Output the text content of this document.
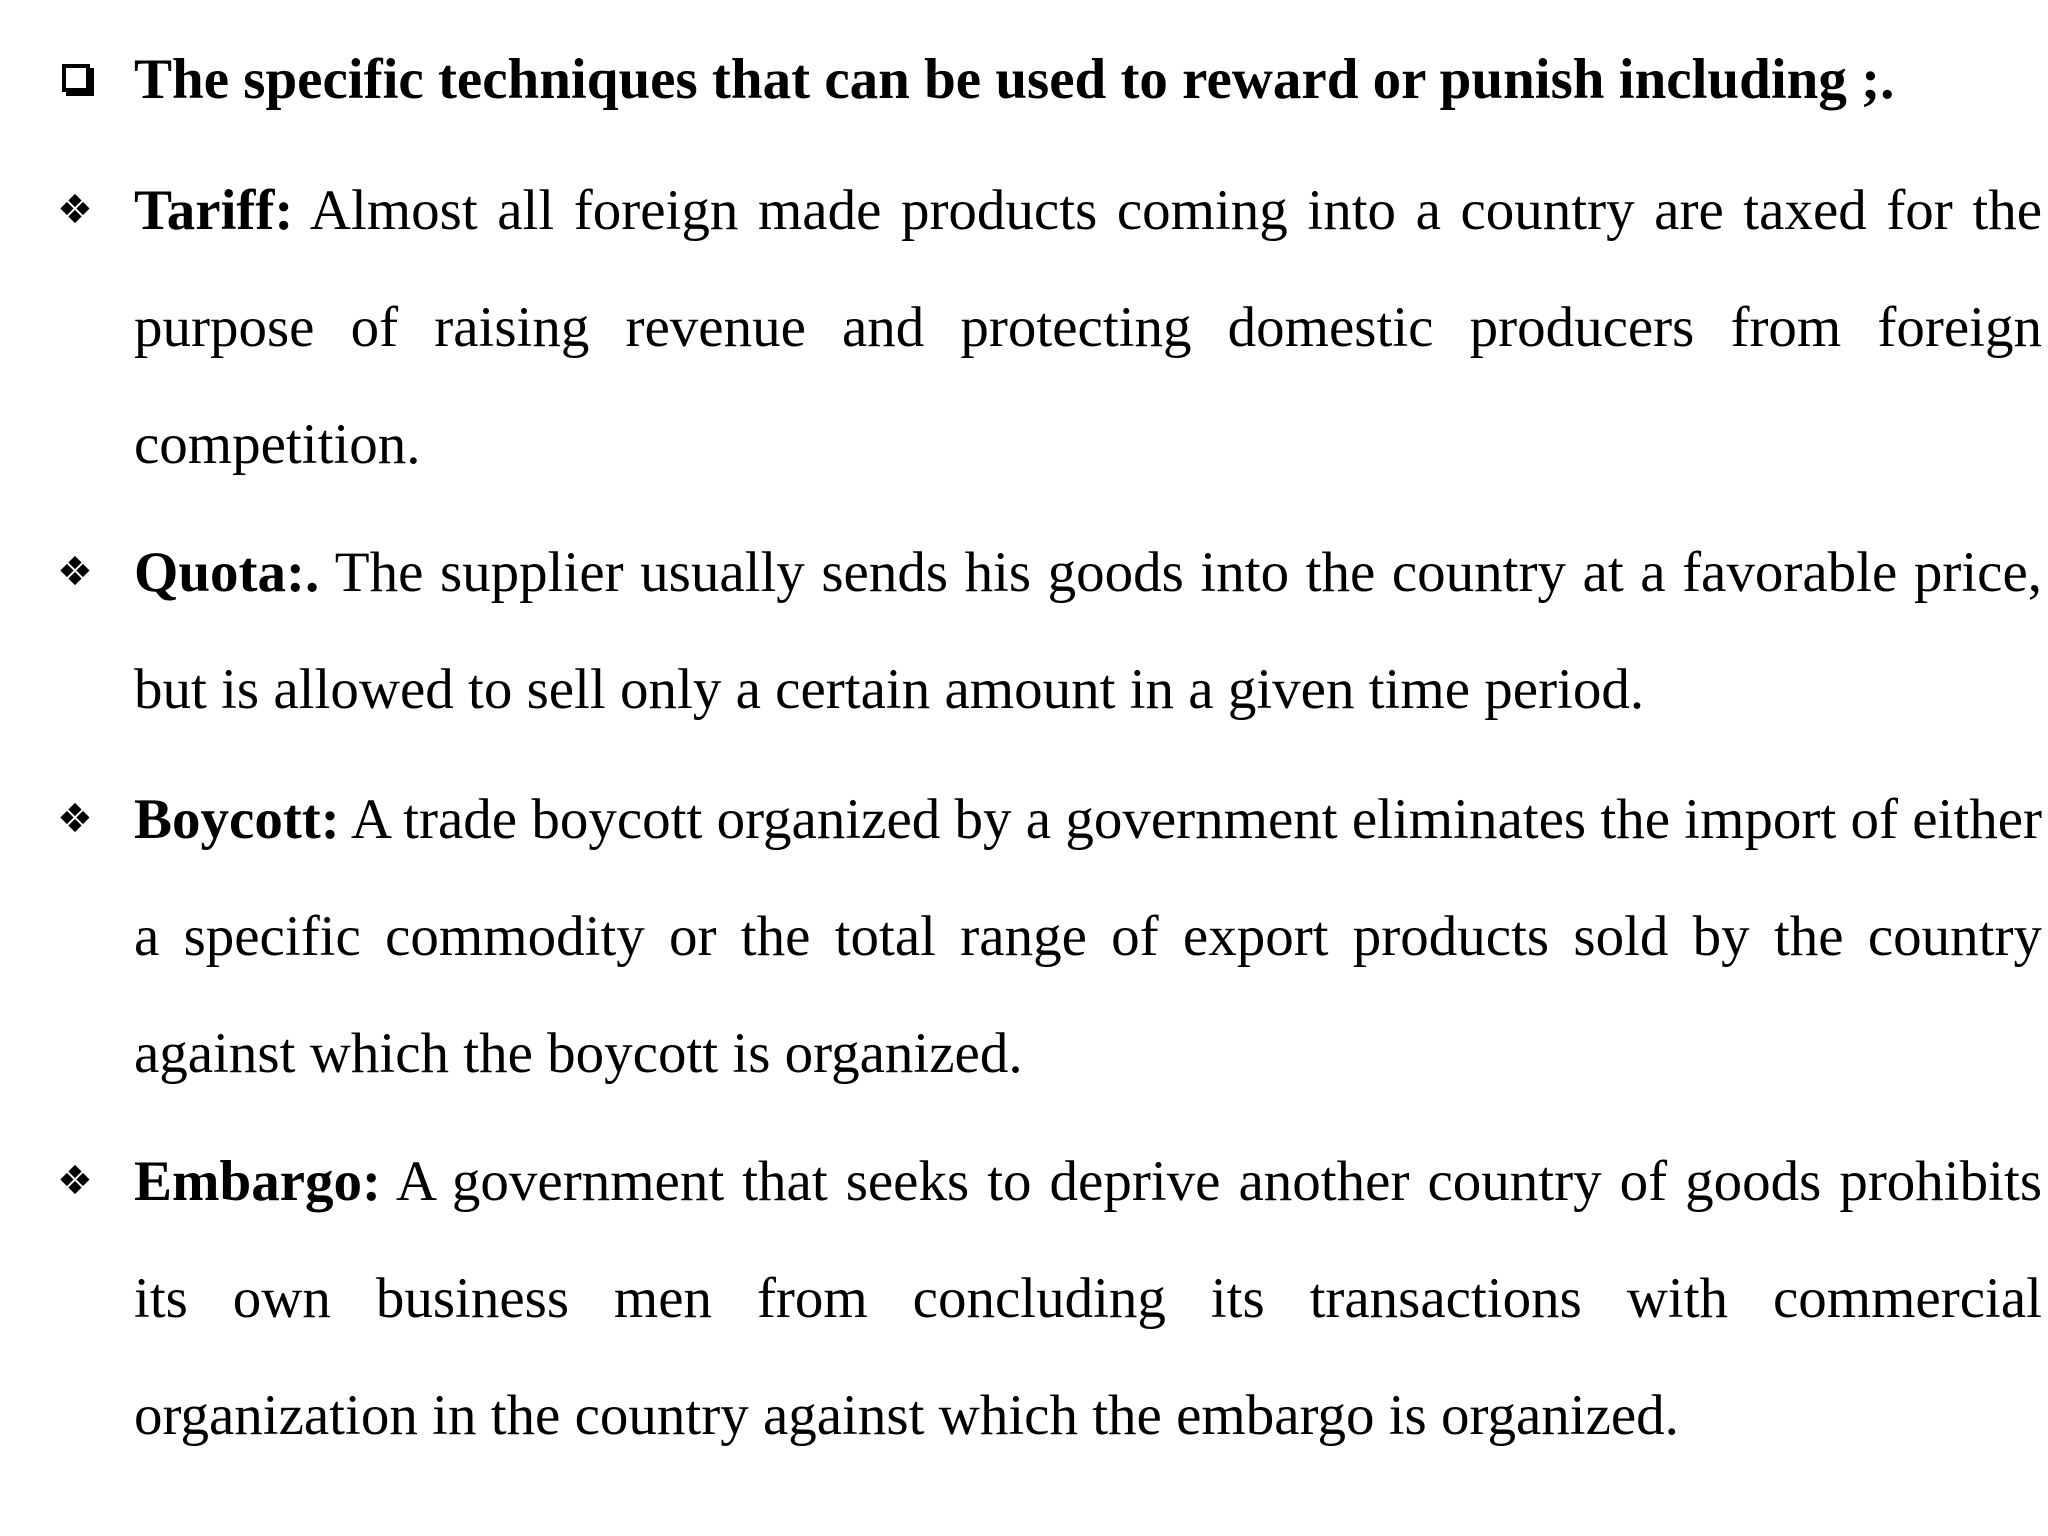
The specific techniques that can be used to reward or punish including ;.
❖ Tariff: Almost all foreign made products coming into a country are taxed for the purpose of raising revenue and protecting domestic producers from foreign competition.
❖ Quota:. The supplier usually sends his goods into the country at a favorable price, but is allowed to sell only a certain amount in a given time period.
❖ Boycott: A trade boycott organized by a government eliminates the import of either a specific commodity or the total range of export products sold by the country against which the boycott is organized.
❖ Embargo: A government that seeks to deprive another country of goods prohibits its own business men from concluding its transactions with commercial organization in the country against which the embargo is organized.
